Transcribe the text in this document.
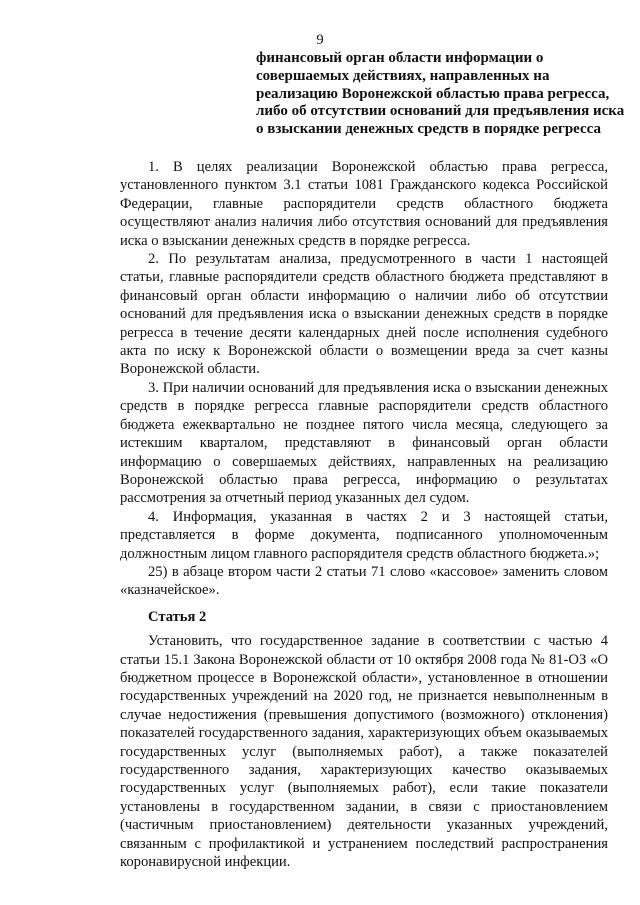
9
финансовый орган области информации о совершаемых действиях, направленных на реализацию Воронежской областью права регресса, либо об отсутствии оснований для предъявления иска о взыскании денежных средств в порядке регресса

1. В целях реализации Воронежской областью права регресса, установленного пунктом 3.1 статьи 1081 Гражданского кодекса Российской Федерации, главные распорядители средств областного бюджета осуществляют анализ наличия либо отсутствия оснований для предъявления иска о взыскании денежных средств в порядке регресса.

2. По результатам анализа, предусмотренного в части 1 настоящей статьи, главные распорядители средств областного бюджета представляют в финансовый орган области информацию о наличии либо об отсутствии оснований для предъявления иска о взыскании денежных средств в порядке регресса в течение десяти календарных дней после исполнения судебного акта по иску к Воронежской области о возмещении вреда за счет казны Воронежской области.

3. При наличии оснований для предъявления иска о взыскании денежных средств в порядке регресса главные распорядители средств областного бюджета ежеквартально не позднее пятого числа месяца, следующего за истекшим кварталом, представляют в финансовый орган области информацию о совершаемых действиях, направленных на реализацию Воронежской областью права регресса, информацию о результатах рассмотрения за отчетный период указанных дел судом.

4. Информация, указанная в частях 2 и 3 настоящей статьи, представляется в форме документа, подписанного уполномоченным должностным лицом главного распорядителя средств областного бюджета.»;

25) в абзаце втором части 2 статьи 71 слово «кассовое» заменить словом «казначейское».

Статья 2

Установить, что государственное задание в соответствии с частью 4 статьи 15.1 Закона Воронежской области от 10 октября 2008 года № 81-ОЗ «О бюджетном процессе в Воронежской области», установленное в отношении государственных учреждений на 2020 год, не признается невыполненным в случае недостижения (превышения допустимого (возможного) отклонения) показателей государственного задания, характеризующих объем оказываемых государственных услуг (выполняемых работ), а также показателей государственного задания, характеризующих качество оказываемых государственных услуг (выполняемых работ), если такие показатели установлены в государственном задании, в связи с приостановлением (частичным приостановлением) деятельности указанных учреждений, связанным с профилактикой и устранением последствий распространения коронавирусной инфекции.
